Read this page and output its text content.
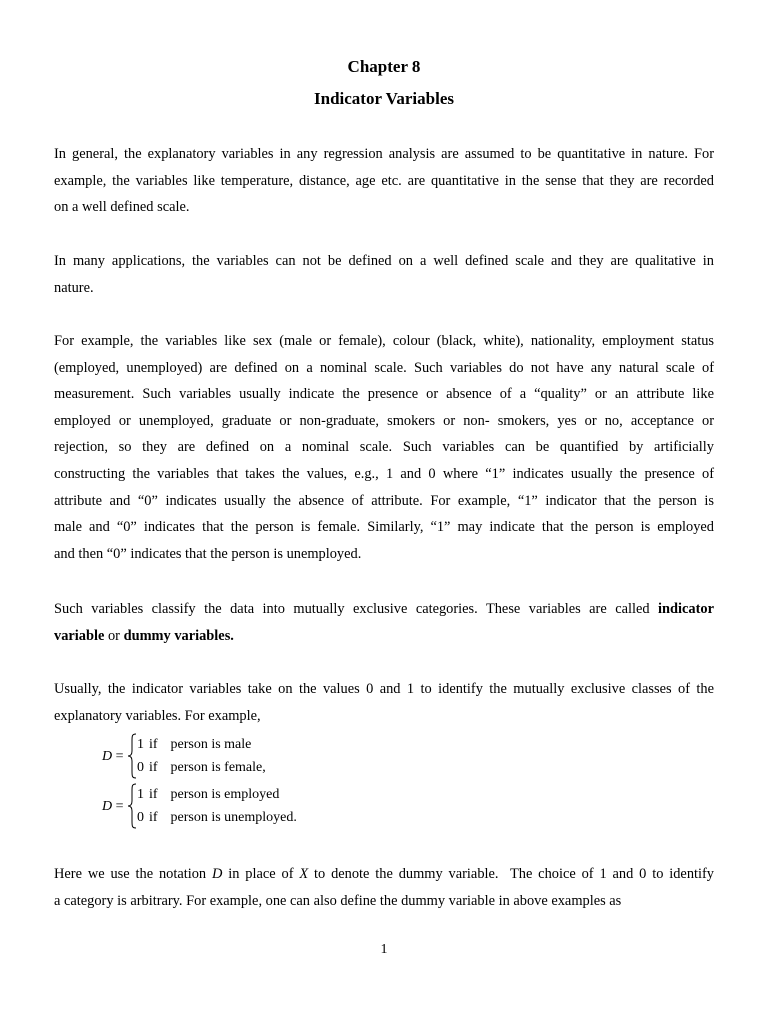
Chapter 8
Indicator Variables
In general, the explanatory variables in any regression analysis are assumed to be quantitative in nature. For
example, the variables like temperature, distance, age etc. are quantitative in the sense that they are recorded
on a well defined scale.
In many applications, the variables can not be defined on a well defined scale and they are qualitative in
nature.
For example, the variables like sex (male or female), colour (black, white), nationality, employment status
(employed, unemployed) are defined on a nominal scale. Such variables do not have any natural scale of
measurement. Such variables usually indicate the presence or absence of a “quality” or an attribute like
employed or unemployed, graduate or non-graduate, smokers or non- smokers, yes or no, acceptance or
rejection, so they are defined on a nominal scale. Such variables can be quantified by artificially
constructing the variables that takes the values, e.g., 1 and 0 where “1” indicates usually the presence of
attribute and “0” indicates usually the absence of attribute. For example, “1” indicator that the person is
male and “0” indicates that the person is female. Similarly, “1” may indicate that the person is employed
and then “0” indicates that the person is unemployed.
Such variables classify the data into mutually exclusive categories. These variables are called indicator
variable or dummy variables.
Usually, the indicator variables take on the values 0 and 1 to identify the mutually exclusive classes of the
explanatory variables. For example,
D =
1 if person is male
0 if person is female,
D =
1 if person is employed
0 if person is unemployed.
Here we use the notation D in place of X to denote the dummy variable.  The choice of 1 and 0 to identify
a category is arbitrary. For example, one can also define the dummy variable in above examples as
1
